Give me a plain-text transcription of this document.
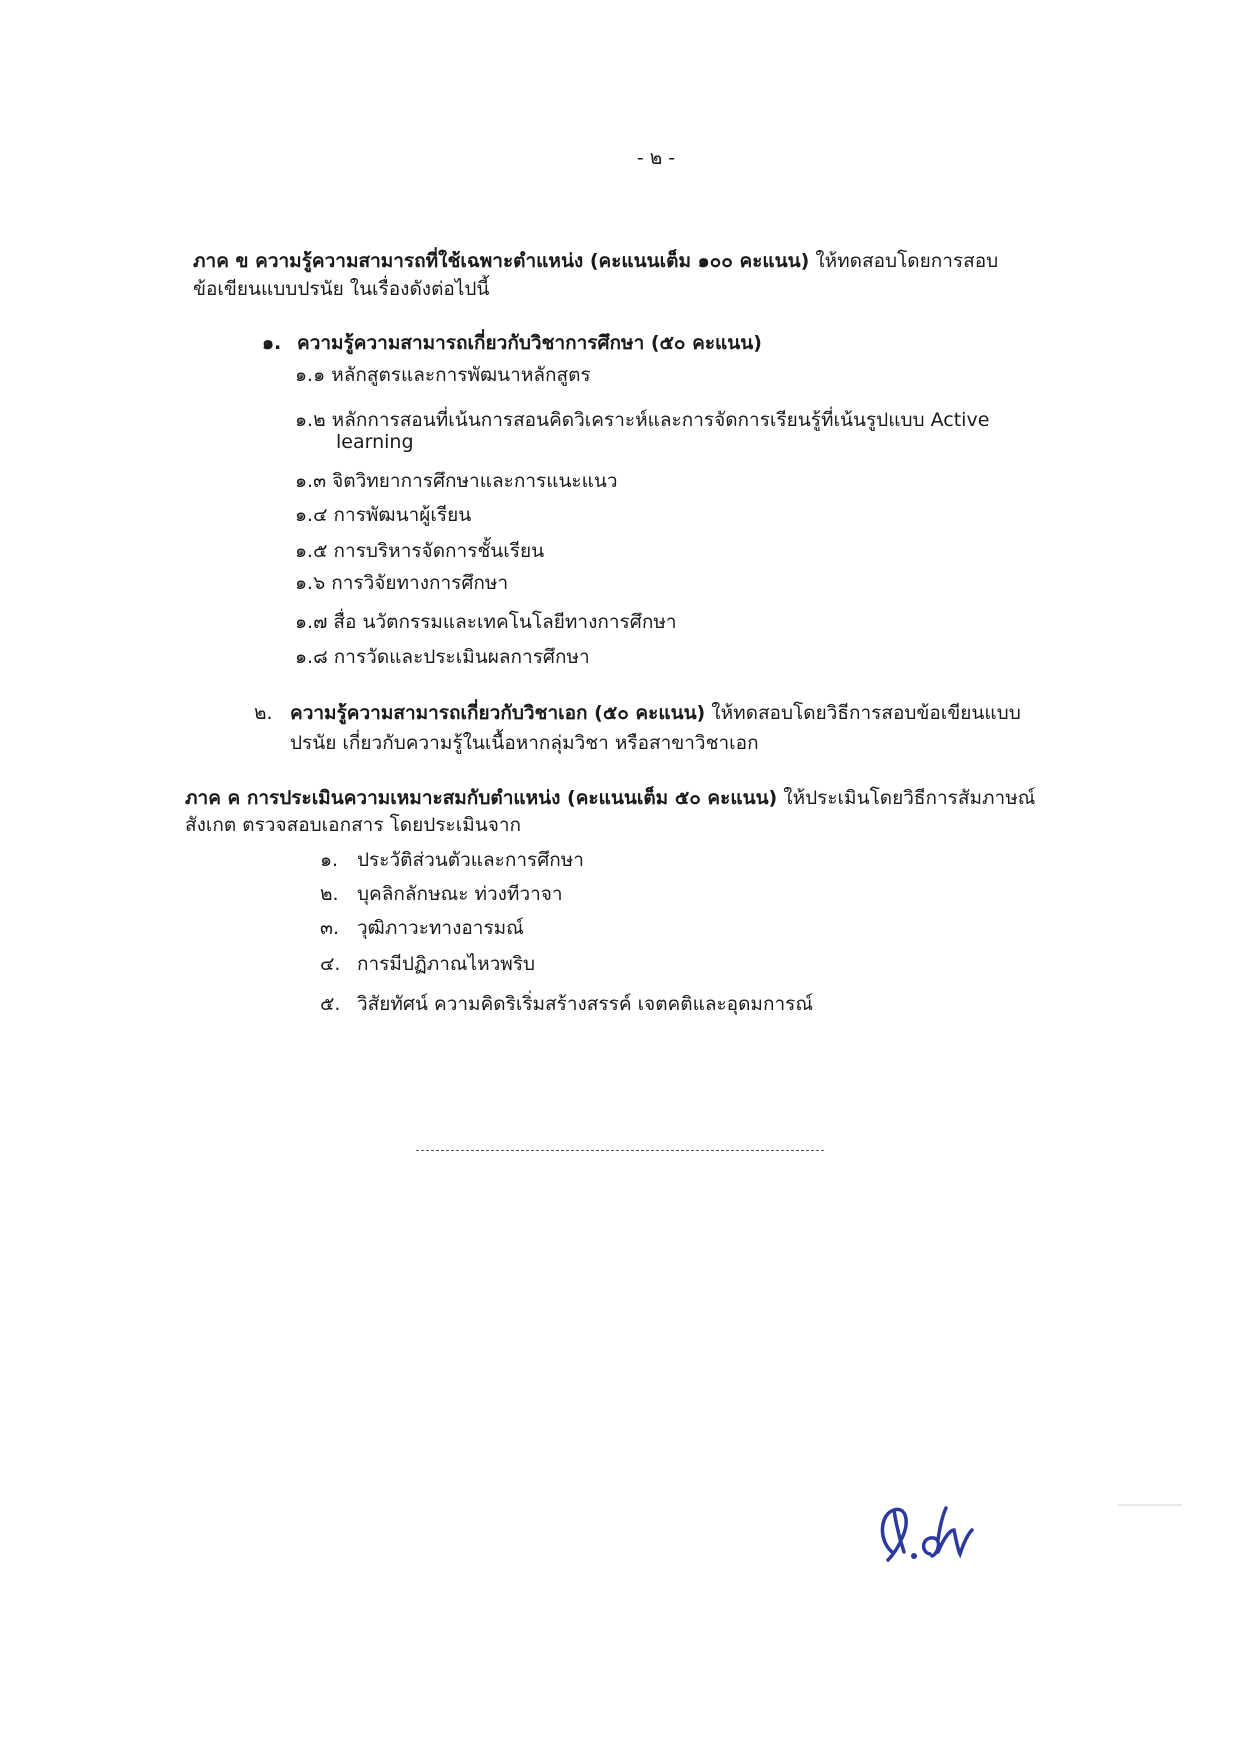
- ๒ -
ภาค ข ความรู้ความสามารถที่ใช้เฉพาะตำแหน่ง (คะแนนเต็ม ๑๐๐ คะแนน) ให้ทดสอบโดยการสอบ
ข้อเขียนแบบปรนัย ในเรื่องดังต่อไปนี้
๑. ความรู้ความสามารถเกี่ยวกับวิชาการศึกษา (๕๐ คะแนน)
๑.๑ หลักสูตรและการพัฒนาหลักสูตร
๑.๒ หลักการสอนที่เน้นการสอนคิดวิเคราะห์และการจัดการเรียนรู้ที่เน้นรูปแบบ Active
learning
๑.๓ จิตวิทยาการศึกษาและการแนะแนว
๑.๔ การพัฒนาผู้เรียน
๑.๕ การบริหารจัดการชั้นเรียน
๑.๖ การวิจัยทางการศึกษา
๑.๗ สื่อ นวัตกรรมและเทคโนโลยีทางการศึกษา
๑.๘ การวัดและประเมินผลการศึกษา
๒. ความรู้ความสามารถเกี่ยวกับวิชาเอก (๕๐ คะแนน) ให้ทดสอบโดยวิธีการสอบข้อเขียนแบบ
ปรนัย เกี่ยวกับความรู้ในเนื้อหากลุ่มวิชา หรือสาขาวิชาเอก
ภาค ค การประเมินความเหมาะสมกับตำแหน่ง (คะแนนเต็ม ๕๐ คะแนน) ให้ประเมินโดยวิธีการสัมภาษณ์
สังเกต ตรวจสอบเอกสาร โดยประเมินจาก
๑. ประวัติส่วนตัวและการศึกษา
๒. บุคลิกลักษณะ ท่วงทีวาจา
๓. วุฒิภาวะทางอารมณ์
๔. การมีปฏิภาณไหวพริบ
๕. วิสัยทัศน์ ความคิดริเริ่มสร้างสรรค์ เจตคติและอุดมการณ์
